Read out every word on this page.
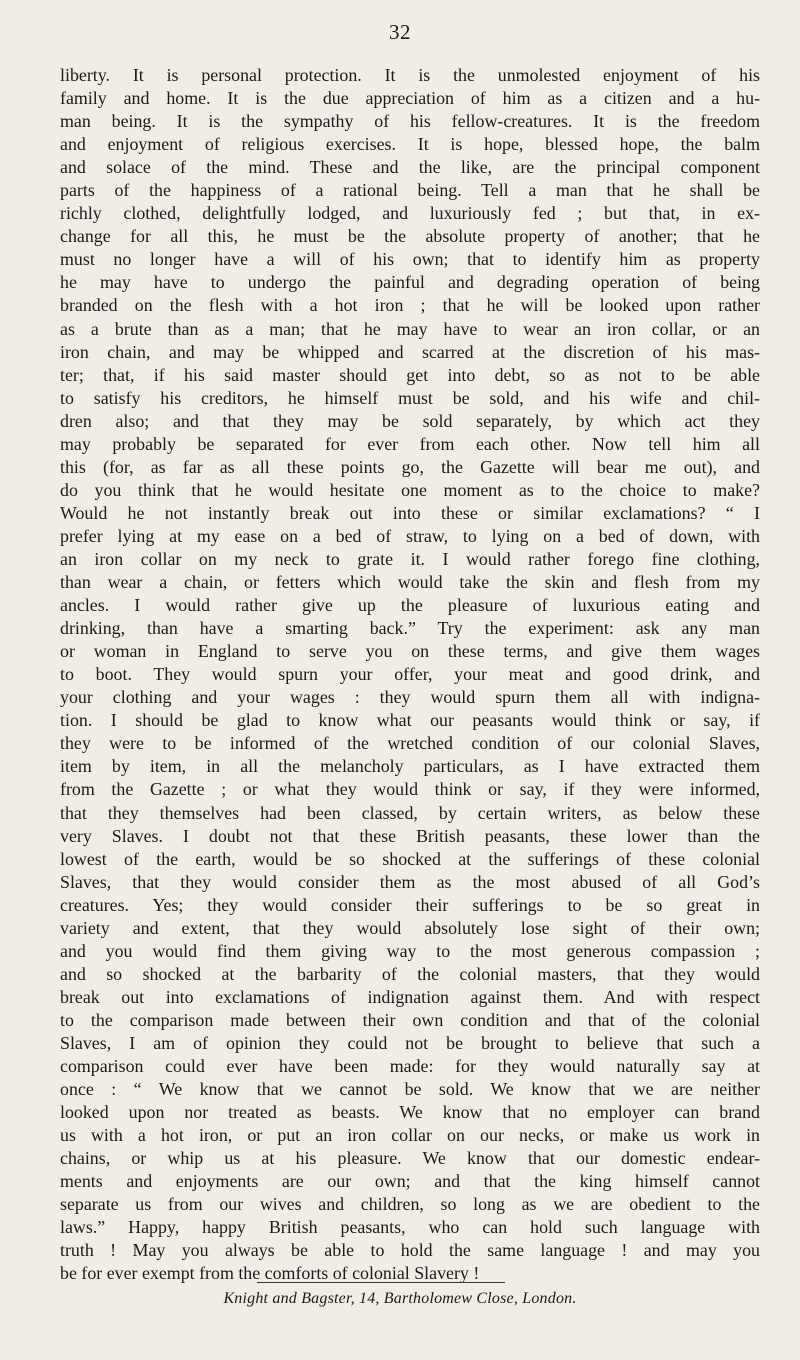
32
liberty. It is personal protection. It is the unmolested enjoyment of his
family and home. It is the due appreciation of him as a citizen and a hu-
man being. It is the sympathy of his fellow-creatures. It is the freedom
and enjoyment of religious exercises. It is hope, blessed hope, the balm
and solace of the mind. These and the like, are the principal component
parts of the happiness of a rational being. Tell a man that he shall be
richly clothed, delightfully lodged, and luxuriously fed ; but that, in ex-
change for all this, he must be the absolute property of another; that he
must no longer have a will of his own; that to identify him as property
he may have to undergo the painful and degrading operation of being
branded on the flesh with a hot iron ; that he will be looked upon rather
as a brute than as a man; that he may have to wear an iron collar, or an
iron chain, and may be whipped and scarred at the discretion of his mas-
ter; that, if his said master should get into debt, so as not to be able
to satisfy his creditors, he himself must be sold, and his wife and chil-
dren also; and that they may be sold separately, by which act they
may probably be separated for ever from each other. Now tell him all
this (for, as far as all these points go, the Gazette will bear me out), and
do you think that he would hesitate one moment as to the choice to make?
Would he not instantly break out into these or similar exclamations? “ I
prefer lying at my ease on a bed of straw, to lying on a bed of down, with
an iron collar on my neck to grate it. I would rather forego fine clothing,
than wear a chain, or fetters which would take the skin and flesh from my
ancles. I would rather give up the pleasure of luxurious eating and
drinking, than have a smarting back.” Try the experiment: ask any man
or woman in England to serve you on these terms, and give them wages
to boot. They would spurn your offer, your meat and good drink, and
your clothing and your wages : they would spurn them all with indigna-
tion. I should be glad to know what our peasants would think or say, if
they were to be informed of the wretched condition of our colonial Slaves,
item by item, in all the melancholy particulars, as I have extracted them
from the Gazette ; or what they would think or say, if they were informed,
that they themselves had been classed, by certain writers, as below these
very Slaves. I doubt not that these British peasants, these lower than the
lowest of the earth, would be so shocked at the sufferings of these colonial
Slaves, that they would consider them as the most abused of all God’s
creatures. Yes; they would consider their sufferings to be so great in
variety and extent, that they would absolutely lose sight of their own;
and you would find them giving way to the most generous compassion ;
and so shocked at the barbarity of the colonial masters, that they would
break out into exclamations of indignation against them. And with respect
to the comparison made between their own condition and that of the colonial
Slaves, I am of opinion they could not be brought to believe that such a
comparison could ever have been made: for they would naturally say at
once : “ We know that we cannot be sold. We know that we are neither
looked upon nor treated as beasts. We know that no employer can brand
us with a hot iron, or put an iron collar on our necks, or make us work in
chains, or whip us at his pleasure. We know that our domestic endear-
ments and enjoyments are our own; and that the king himself cannot
separate us from our wives and children, so long as we are obedient to the
laws.” Happy, happy British peasants, who can hold such language with
truth ! May you always be able to hold the same language ! and may you
be for ever exempt from the comforts of colonial Slavery !
Knight and Bagster, 14, Bartholomew Close, London.
